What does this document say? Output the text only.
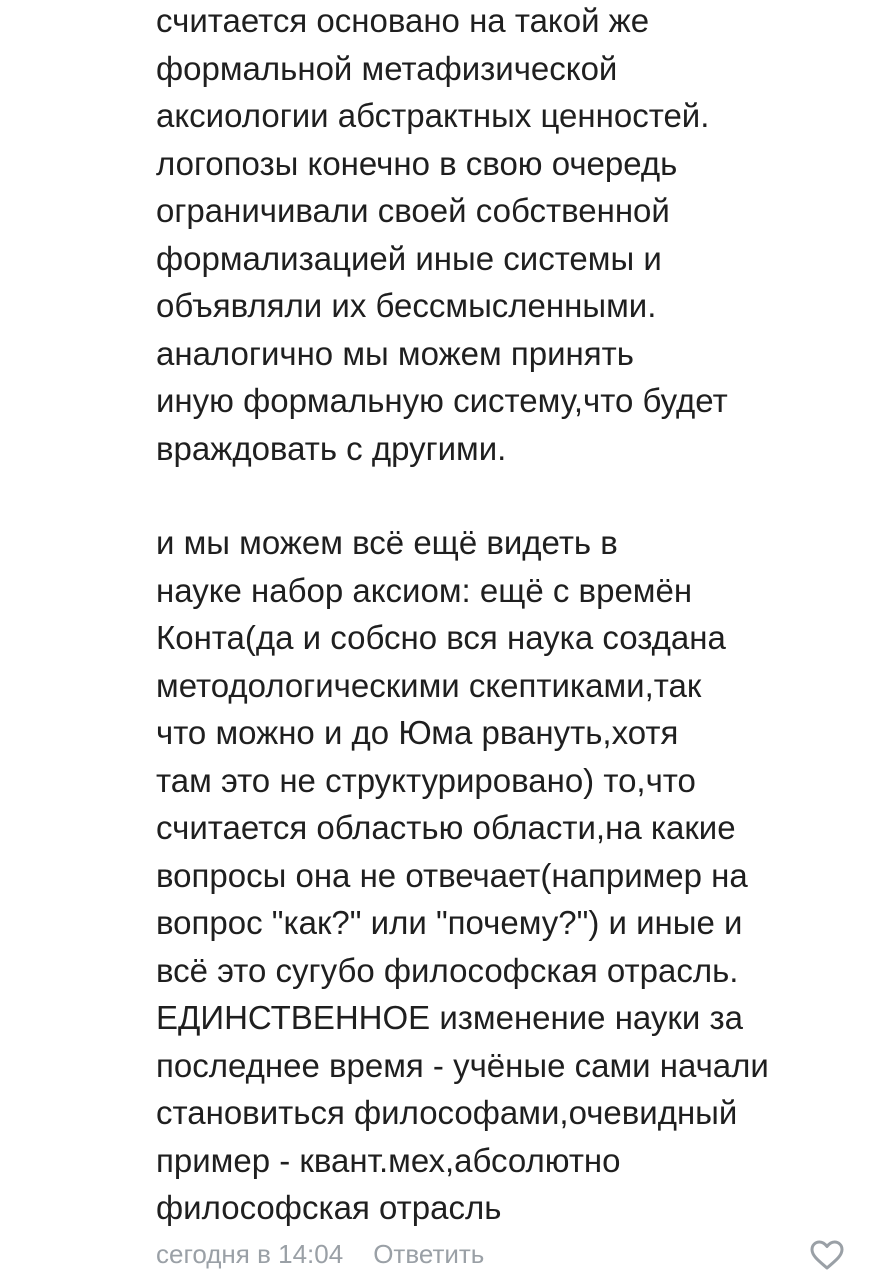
считается основано на такой же
формальной метафизической
аксиологии абстрактных ценностей.
логопозы конечно в свою очередь
ограничивали своей собственной
формализацией иные системы и
объявляли их бессмысленными.
аналогично мы можем принять
иную формальную систему,что будет
враждовать с другими.

и мы можем всё ещё видеть в
науке набор аксиом: ещё с времён
Конта(да и собсно вся наука создана
методологическими скептиками,так
что можно и до Юма рвануть,хотя
там это не структурировано) то,что
считается областью области,на какие
вопросы она не отвечает(например на
вопрос "как?" или "почему?") и иные и
всё это сугубо философская отрасль.
ЕДИНСТВЕННОЕ изменение науки за
последнее время - учёные сами начали
становиться философами,очевидный
пример - квант.мех,абсолютно
философская отрасль

сегодня в 14:04 Ответить
